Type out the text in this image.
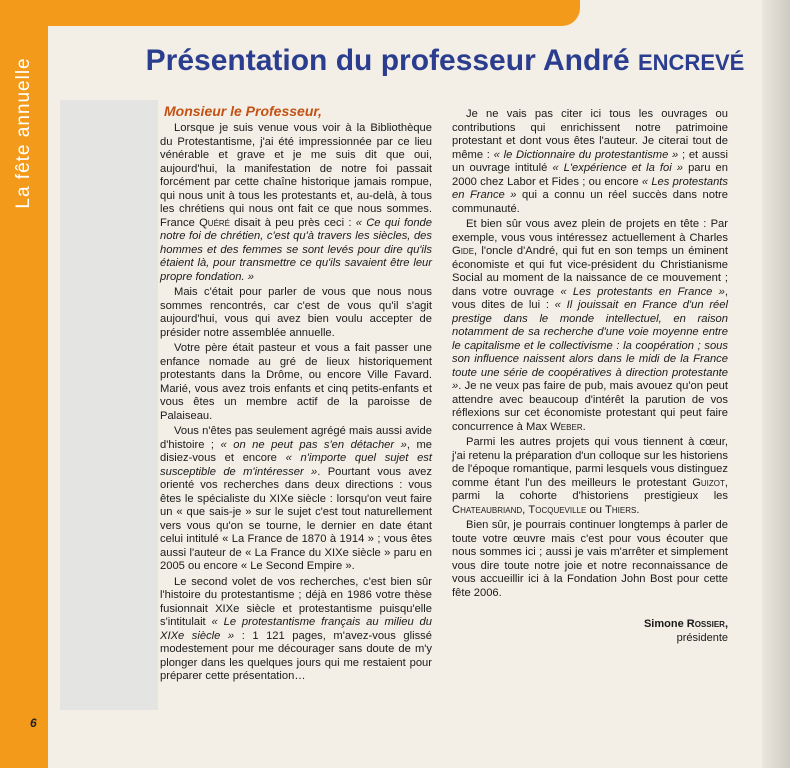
La fête annuelle
6
Présentation du professeur André ENCREVÉ
Monsieur le Professeur,

Lorsque je suis venue vous voir à la Bibliothèque du Protestantisme, j'ai été impressionnée par ce lieu vénérable et grave et je me suis dit que oui, aujourd'hui, la manifestation de notre foi passait forcément par cette chaîne historique jamais rompue, qui nous unit à tous les protestants et, au-delà, à tous les chrétiens qui nous ont fait ce que nous sommes. France Quéré disait à peu près ceci : « Ce qui fonde notre foi de chrétien, c'est qu'à travers les siècles, des hommes et des femmes se sont levés pour dire qu'ils étaient là, pour transmettre ce qu'ils savaient être leur propre fondation. »

Mais c'était pour parler de vous que nous nous sommes rencontrés, car c'est de vous qu'il s'agit aujourd'hui, vous qui avez bien voulu accepter de présider notre assemblée annuelle.

Votre père était pasteur et vous a fait passer une enfance nomade au gré de lieux historiquement protestants dans la Drôme, ou encore Ville Favard. Marié, vous avez trois enfants et cinq petits-enfants et vous êtes un membre actif de la paroisse de Palaiseau.

Vous n'êtes pas seulement agrégé mais aussi avide d'histoire ; « on ne peut pas s'en détacher », me disiez-vous et encore « n'importe quel sujet est susceptible de m'intéresser ». Pourtant vous avez orienté vos recherches dans deux directions : vous êtes le spécialiste du XIXe siècle : lorsqu'on veut faire un « que sais-je » sur le sujet c'est tout naturellement vers vous qu'on se tourne, le dernier en date étant celui intitulé « La France de 1870 à 1914 » ; vous êtes aussi l'auteur de « La France du XIXe siècle » paru en 2005 ou encore « Le Second Empire ».

Le second volet de vos recherches, c'est bien sûr l'histoire du protestantisme ; déjà en 1986 votre thèse fusionnait XIXe siècle et protestantisme puisqu'elle s'intitulait « Le protestantisme français au milieu du XIXe siècle » : 1 121 pages, m'avez-vous glissé modestement pour me décourager sans doute de m'y plonger dans les quelques jours qui me restaient pour préparer cette présentation…

Je ne vais pas citer ici tous les ouvrages ou contributions qui enrichissent notre patrimoine protestant et dont vous êtes l'auteur. Je citerai tout de même : « le Dictionnaire du protestantisme » ; et aussi un ouvrage intitulé « L'expérience et la foi » paru en 2000 chez Labor et Fides ; ou encore « Les protestants en France » qui a connu un réel succès dans notre communauté.

Et bien sûr vous avez plein de projets en tête : Par exemple, vous vous intéressez actuellement à Charles Gide, l'oncle d'André, qui fut en son temps un éminent économiste et qui fut vice-président du Christianisme Social au moment de la naissance de ce mouvement ; dans votre ouvrage « Les protestants en France », vous dites de lui : « Il jouissait en France d'un réel prestige dans le monde intellectuel, en raison notamment de sa recherche d'une voie moyenne entre le capitalisme et le collectivisme : la coopération ; sous son influence naissent alors dans le midi de la France toute une série de coopératives à direction protestante ». Je ne veux pas faire de pub, mais avouez qu'on peut attendre avec beaucoup d'intérêt la parution de vos réflexions sur cet économiste protestant qui peut faire concurrence à Max Weber.

Parmi les autres projets qui vous tiennent à cœur, j'ai retenu la préparation d'un colloque sur les historiens de l'époque romantique, parmi lesquels vous distinguez comme étant l'un des meilleurs le protestant Guizot, parmi la cohorte d'historiens prestigieux les Chateaubriand, Tocqueville ou Thiers.

Bien sûr, je pourrais continuer longtemps à parler de toute votre œuvre mais c'est pour vous écouter que nous sommes ici ; aussi je vais m'arrêter et simplement vous dire toute notre joie et notre reconnaissance de vous accueillir ici à la Fondation John Bost pour cette fête 2006.

Simone Rossier,
présidente
